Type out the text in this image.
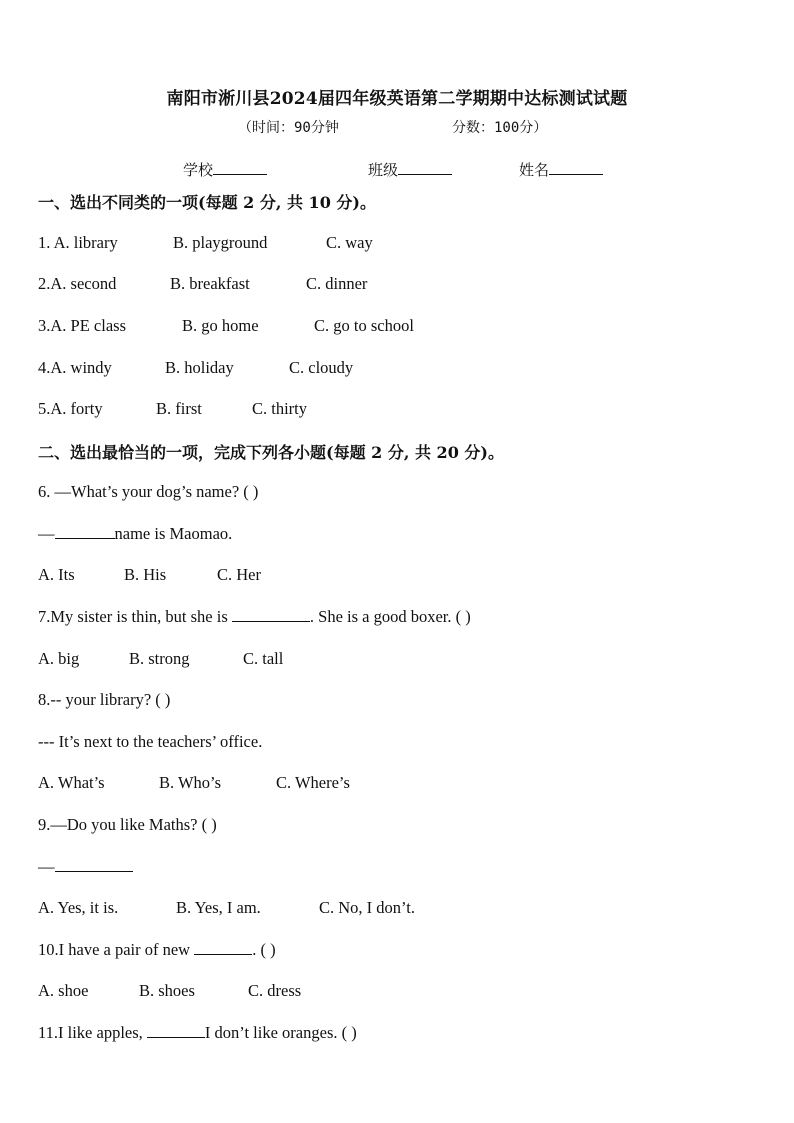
南阳市淅川县2024届四年级英语第二学期期中达标测试试题
（时间：90分钟	分数：100分）
学校	班级	姓名
一、选出不同类的一项(每题 2 分, 共 10 分)。
1. A. library	B. playground	C. way
2.A. second	B. breakfast	C. dinner
3.A. PE class	B. go home	C. go to school
4.A. windy	B. holiday	C. cloudy
5.A. forty	B. first	C. thirty
二、选出最恰当的一项，完成下列各小题(每题 2 分, 共 20 分)。
6. —What’s your dog’s name? ( )
—	name is Maomao.
A. Its	B. His	C. Her
7.My sister is thin, but she is	. She is a good boxer. ( )
A. big	B. strong	C. tall
8.-- your library? ( )
--- It’s next to the teachers’ office.
A. What’s	B. Who’s	C. Where’s
9.—Do you like Maths? ( )
—
A. Yes, it is.	B. Yes, I am.	C. No, I don’t.
10.I have a pair of new	. ( )
A. shoe	B. shoes	C. dress
11.I like apples,	I don’t like oranges. ( )
